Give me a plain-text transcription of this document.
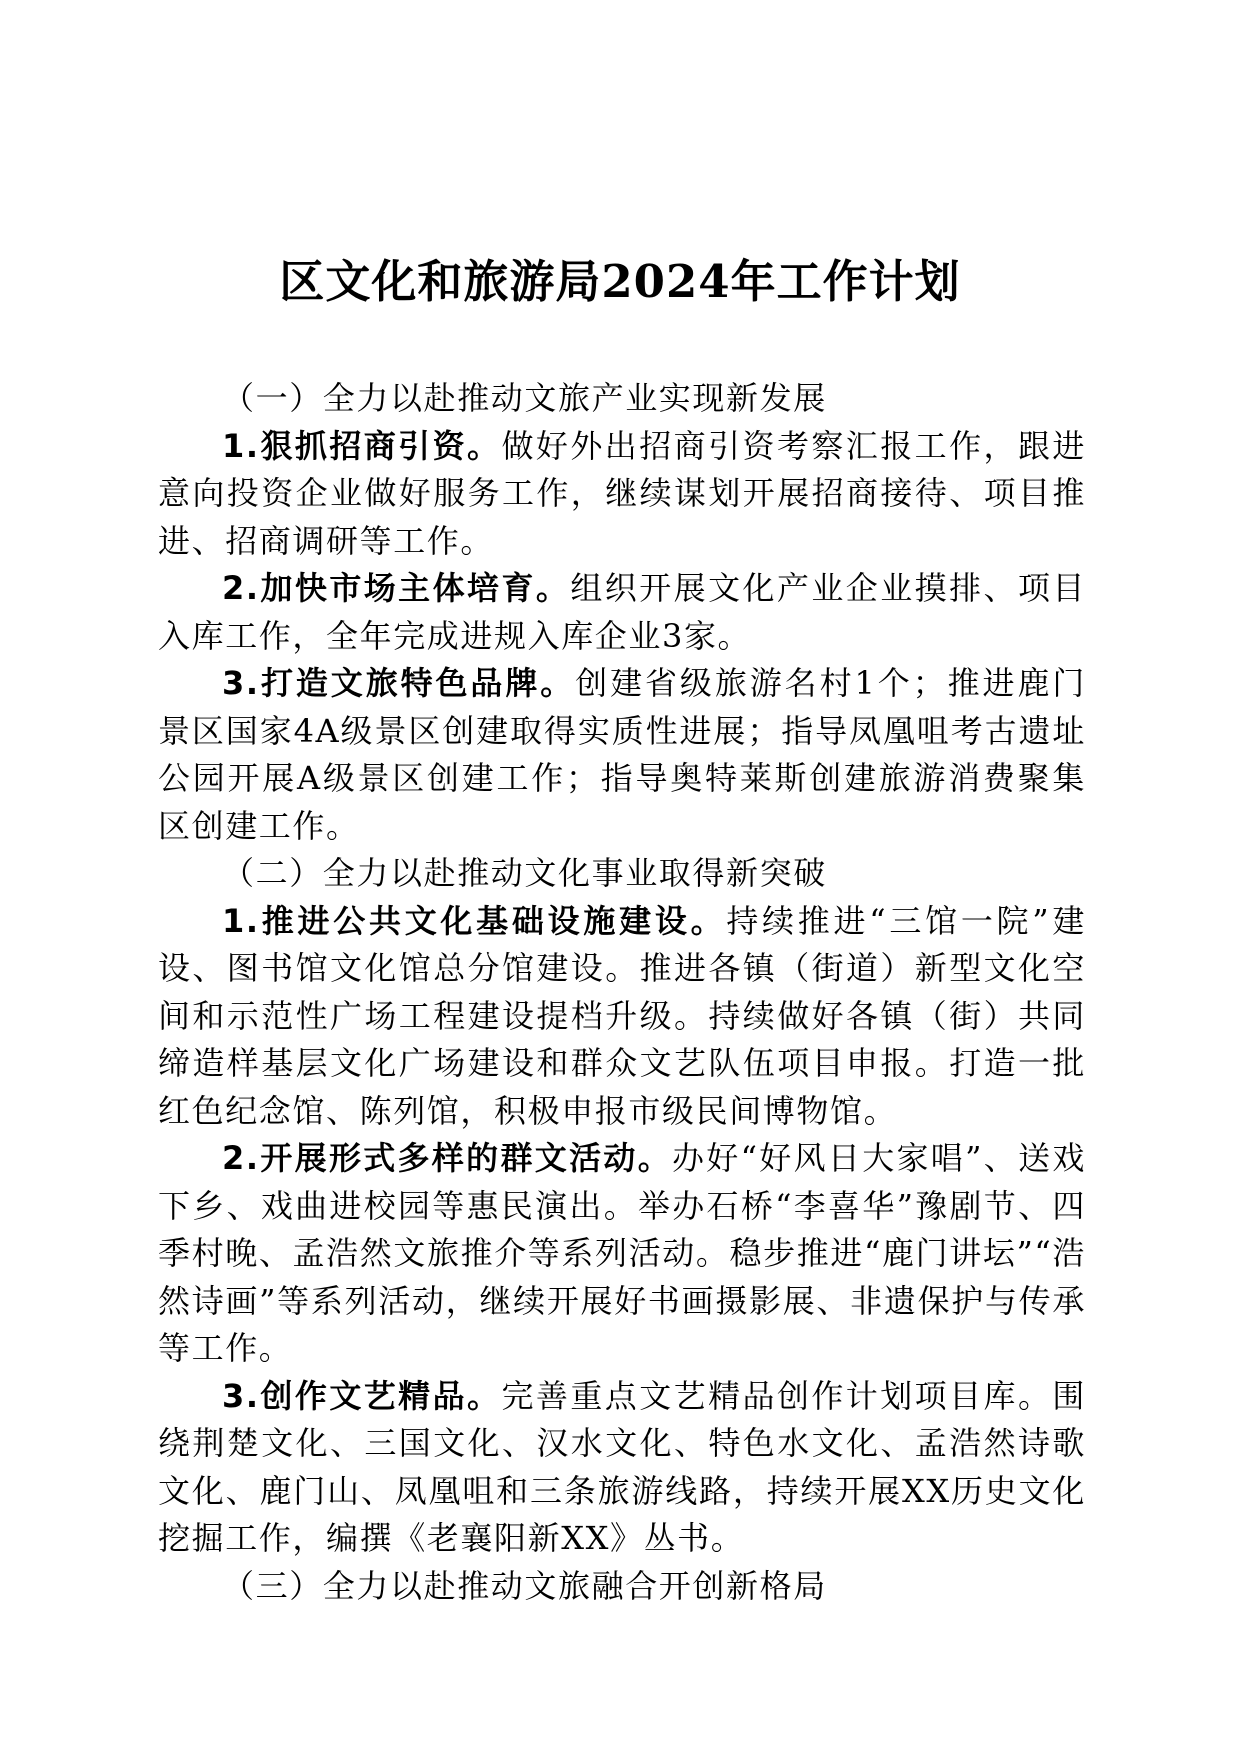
区文化和旅游局2024年工作计划

（一）全力以赴推动文旅产业实现新发展

1.狠抓招商引资。做好外出招商引资考察汇报工作，跟进意向投资企业做好服务工作，继续谋划开展招商接待、项目推进、招商调研等工作。

2.加快市场主体培育。组织开展文化产业企业摸排、项目入库工作，全年完成进规入库企业3家。

3.打造文旅特色品牌。创建省级旅游名村1个；推进鹿门景区国家4A级景区创建取得实质性进展；指导凤凰咀考古遗址公园开展A级景区创建工作；指导奥特莱斯创建旅游消费聚集区创建工作。

（二）全力以赴推动文化事业取得新突破

1.推进公共文化基础设施建设。持续推进“三馆一院”建设、图书馆文化馆总分馆建设。推进各镇（街道）新型文化空间和示范性广场工程建设提档升级。持续做好各镇（街）共同缔造样基层文化广场建设和群众文艺队伍项目申报。打造一批红色纪念馆、陈列馆，积极申报市级民间博物馆。

2.开展形式多样的群文活动。办好“好风日大家唱”、送戏下乡、戏曲进校园等惠民演出。举办石桥“李喜华”豫剧节、四季村晚、孟浩然文旅推介等系列活动。稳步推进“鹿门讲坛”“浩然诗画”等系列活动，继续开展好书画摄影展、非遗保护与传承等工作。

3.创作文艺精品。完善重点文艺精品创作计划项目库。围绕荆楚文化、三国文化、汉水文化、特色水文化、孟浩然诗歌文化、鹿门山、凤凰咀和三条旅游线路，持续开展XX历史文化挖掘工作，编撰《老襄阳新XX》丛书。

（三）全力以赴推动文旅融合开创新格局
